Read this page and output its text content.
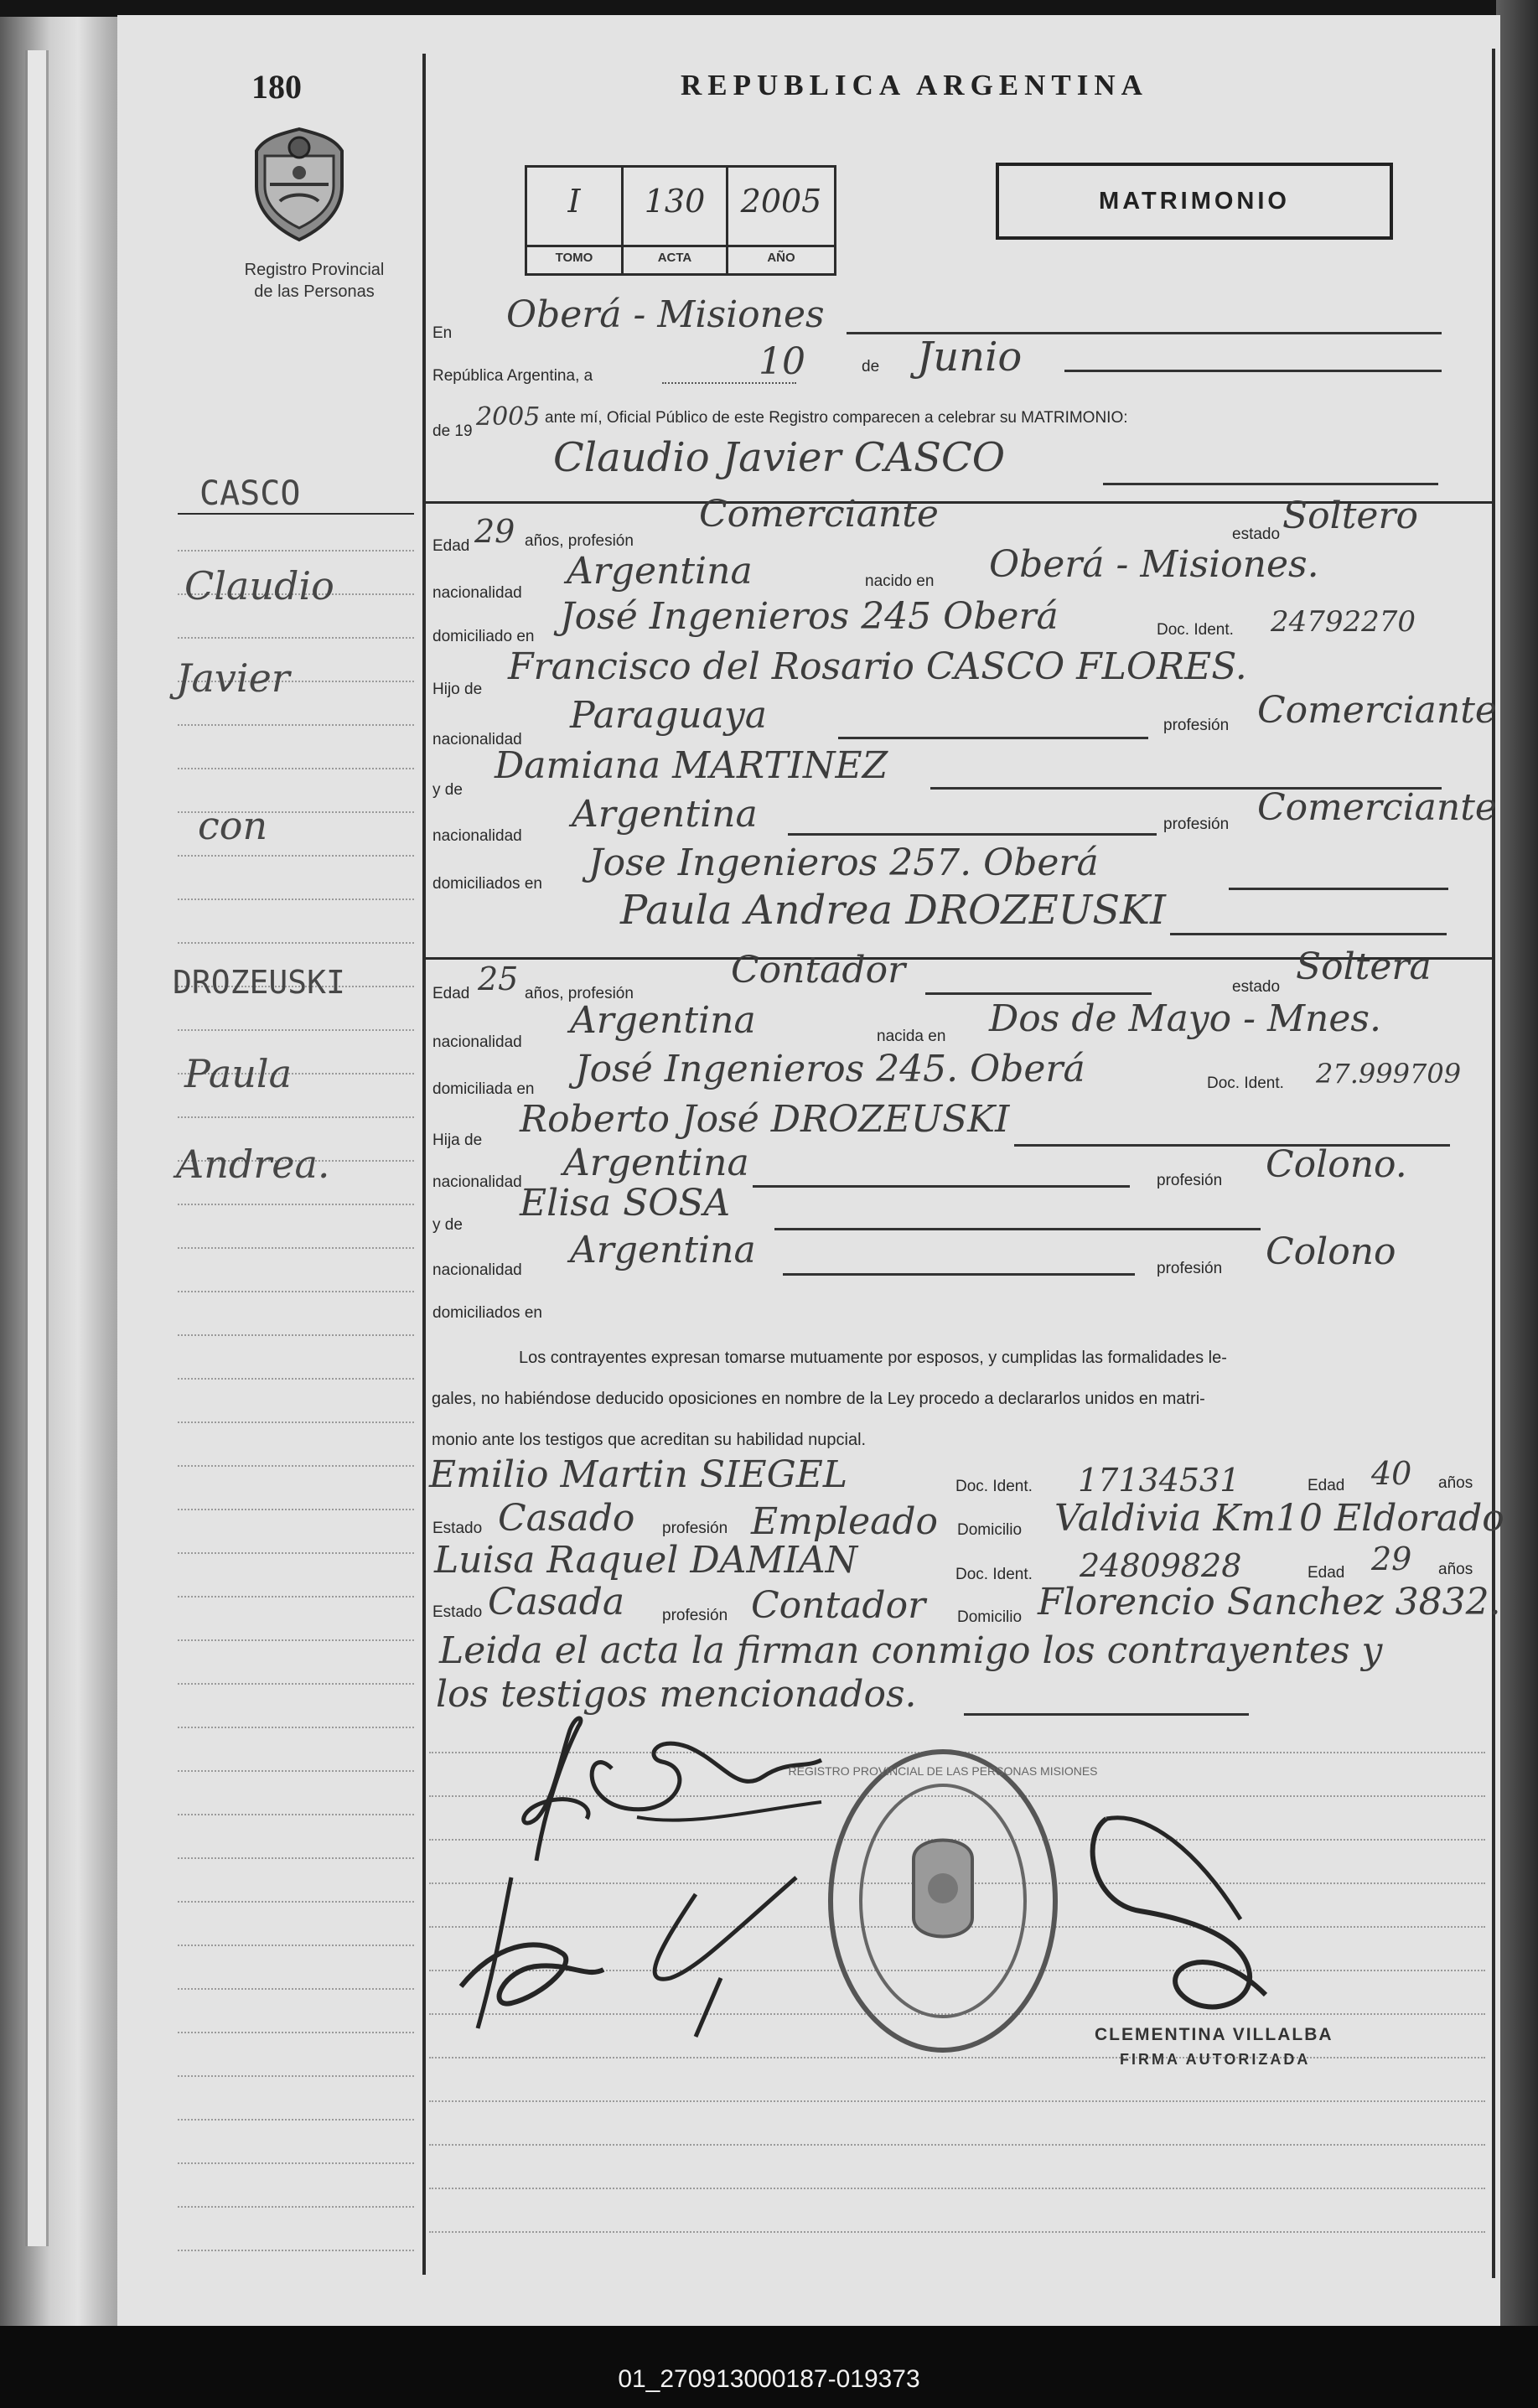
180
Registro Provincial
de las Personas
REPUBLICA ARGENTINA
I
TOMO
130
ACTA
2005
AÑO
MATRIMONIO
En Oberá - Misiones
República Argentina, a	10	de Junio
de 19 2005 ante mí, Oficial Público de este Registro comparecen a celebrar su MATRIMONIO:
Claudio Javier CASCO
Edad 29 años, profesión
Comerciante	estado Soltero
nacionalidad
Argentina	nacido en Oberá - Misiones.
domiciliado en José Ingenieros 245 Oberá	Doc. Ident. 24792270
Hijo de
Francisco del Rosario CASCO FLORES.
nacionalidad
Paraguaya	profesión Comerciante
y de
Damiana MARTINEZ
nacionalidad
Argentina	profesión Comerciante
domiciliados en Jose Ingenieros 257. Oberá
Paula Andrea DROZEUSKI
Edad 25 años, profesión
Contador	estado Soltera
nacionalidad
Argentina	nacida en Dos de Mayo - Mnes.
domiciliada en José Ingenieros 245. Oberá	Doc. Ident. 27.999709
Hija de Roberto José DROZEUSKI
nacionalidad Argentina	profesión Colono.
y de
Elisa SOSA
nacionalidad Argentina	profesión Colono
domiciliados en
Los contrayentes expresan tomarse mutuamente por esposos, y cumplidas las formalidades le-
gales, no habiéndose deducido oposiciones en nombre de la Ley procedo a declararlos unidos en matri-
monio ante los testigos que acreditan su habilidad nupcial.
Emilio Martin SIEGEL	Doc. Ident. 17134531	Edad 40 años
Estado Casado profesión Empleado Domicilio Valdivia Km10 Eldorado
Luisa Raquel DAMIAN	Doc. Ident. 24809828	Edad 29 años
Estado Casada profesión Contador Domicilio Florencio Sanchez 3832.
Leida el acta la firman conmigo los contrayentes y
los testigos mencionados.
CASCO
Claudio
Javier
con
DROZEUSKI
Paula
Andrea.
REGISTRO PROVINCIAL DE LAS PERSONAS MISIONES
CLEMENTINA VILLALBA
FIRMA AUTORIZADA
01_270913000187-019373
